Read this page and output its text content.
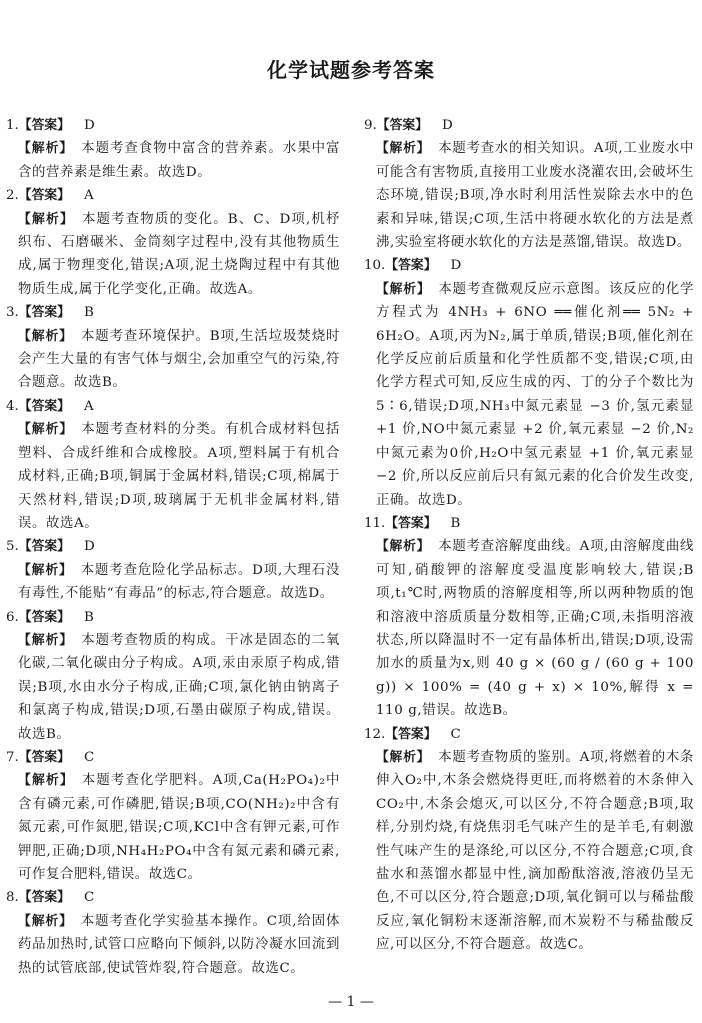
化学试题参考答案
1.【答案】 D
【解析】 本题考查食物中富含的营养素。水果中富含的营养素是维生素。故选D。
2.【答案】 A
【解析】 本题考查物质的变化。B、C、D项,机杼织布、石磨碾米、金筒刻字过程中,没有其他物质生成,属于物理变化,错误;A项,泥土烧陶过程中有其他物质生成,属于化学变化,正确。故选A。
3.【答案】 B
【解析】 本题考查环境保护。B项,生活垃圾焚烧时会产生大量的有害气体与烟尘,会加重空气的污染,符合题意。故选B。
4.【答案】 A
【解析】 本题考查材料的分类。有机合成材料包括塑料、合成纤维和合成橡胶。A项,塑料属于有机合成材料,正确;B项,铜属于金属材料,错误;C项,棉属于天然材料,错误;D项,玻璃属于无机非金属材料,错误。故选A。
5.【答案】 D
【解析】 本题考查危险化学品标志。D项,大理石没有毒性,不能贴“有毒品”的标志,符合题意。故选D。
6.【答案】 B
【解析】 本题考查物质的构成。干冰是固态的二氧化碳,二氧化碳由分子构成。A项,汞由汞原子构成,错误;B项,水由水分子构成,正确;C项,氯化钠由钠离子和氯离子构成,错误;D项,石墨由碳原子构成,错误。故选B。
7.【答案】 C
【解析】 本题考查化学肥料。A项,Ca(H₂PO₄)₂中含有磷元素,可作磷肥,错误;B项,CO(NH₂)₂中含有氮元素,可作氮肥,错误;C项,KCl中含有钾元素,可作钾肥,正确;D项,NH₄H₂PO₄中含有氮元素和磷元素,可作复合肥料,错误。故选C。
8.【答案】 C
【解析】 本题考查化学实验基本操作。C项,给固体药品加热时,试管口应略向下倾斜,以防冷凝水回流到热的试管底部,使试管炸裂,符合题意。故选C。
9.【答案】 D
【解析】 本题考查水的相关知识。A项,工业废水中可能含有害物质,直接用工业废水浇灌农田,会破坏生态环境,错误;B项,净水时利用活性炭除去水中的色素和异味,错误;C项,生活中将硬水软化的方法是煮沸,实验室将硬水软化的方法是蒸馏,错误。故选D。
10.【答案】 D
【解析】 本题考查微观反应示意图。该反应的化学方程式为 4NH₃ + 6NO ══催化剂══ 5N₂ + 6H₂O。A项,丙为N₂,属于单质,错误;B项,催化剂在化学反应前后质量和化学性质都不变,错误;C项,由化学方程式可知,反应生成的丙、丁的分子个数比为5∶6,错误;D项,NH₃中氮元素显 −3 价,氢元素显 +1 价,NO中氮元素显 +2 价,氧元素显 −2 价,N₂中氮元素为0价,H₂O中氢元素显 +1 价,氧元素显 −2 价,所以反应前后只有氮元素的化合价发生改变,正确。故选D。
11.【答案】 B
【解析】 本题考查溶解度曲线。A项,由溶解度曲线可知,硝酸钾的溶解度受温度影响较大,错误;B项,t₁℃时,两物质的溶解度相等,所以两种物质的饱和溶液中溶质质量分数相等,正确;C项,未指明溶液状态,所以降温时不一定有晶体析出,错误;D项,设需加水的质量为x,则 40 g × (60 g / (60 g + 100 g)) × 100% = (40 g + x) × 10%,解得 x = 110 g,错误。故选B。
12.【答案】 C
【解析】 本题考查物质的鉴别。A项,将燃着的木条伸入O₂中,木条会燃烧得更旺,而将燃着的木条伸入CO₂中,木条会熄灭,可以区分,不符合题意;B项,取样,分别灼烧,有烧焦羽毛气味产生的是羊毛,有刺激性气味产生的是涤纶,可以区分,不符合题意;C项,食盐水和蒸馏水都显中性,滴加酚酞溶液,溶液仍呈无色,不可以区分,符合题意;D项,氧化铜可以与稀盐酸反应,氧化铜粉末逐渐溶解,而木炭粉不与稀盐酸反应,可以区分,不符合题意。故选C。
— 1 —
